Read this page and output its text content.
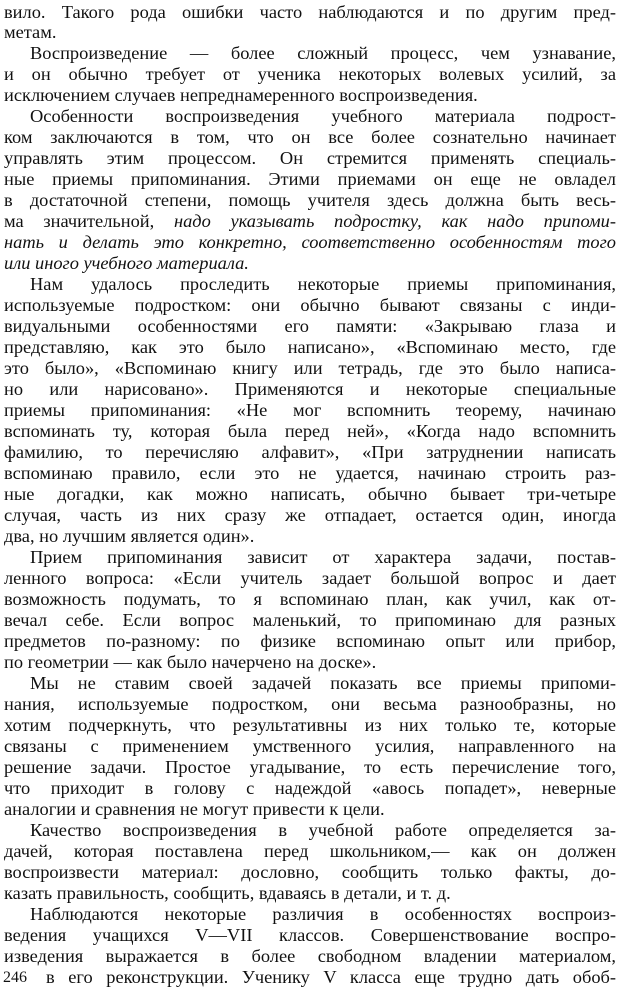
вило. Такого рода ошибки часто наблюдаются и по другим пред-
метам.
Воспроизведение — более сложный процесс, чем узнавание,
и он обычно требует от ученика некоторых волевых усилий, за
исключением случаев непреднамеренного воспроизведения.
Особенности воспроизведения учебного материала подрост-
ком заключаются в том, что он все более сознательно начинает
управлять этим процессом. Он стремится применять специаль-
ные приемы припоминания. Этими приемами он еще не овладел
в достаточной степени, помощь учителя здесь должна быть весь-
ма значительной, надо указывать подростку, как надо припоми-
нать и делать это конкретно, соответственно особенностям того
или иного учебного материала.
Нам удалось проследить некоторые приемы припоминания,
используемые подростком: они обычно бывают связаны с инди-
видуальными особенностями его памяти: «Закрываю глаза и
представляю, как это было написано», «Вспоминаю место, где
это было», «Вспоминаю книгу или тетрадь, где это было написа-
но или нарисовано». Применяются и некоторые специальные
приемы припоминания: «Не мог вспомнить теорему, начинаю
вспоминать ту, которая была перед ней», «Когда надо вспомнить
фамилию, то перечисляю алфавит», «При затруднении написать
вспоминаю правило, если это не удается, начинаю строить раз-
ные догадки, как можно написать, обычно бывает три-четыре
случая, часть из них сразу же отпадает, остается один, иногда
два, но лучшим является один».
Прием припоминания зависит от характера задачи, постав-
ленного вопроса: «Если учитель задает большой вопрос и дает
возможность подумать, то я вспоминаю план, как учил, как от-
вечал себе. Если вопрос маленький, то припоминаю для разных
предметов по-разному: по физике вспоминаю опыт или прибор,
по геометрии — как было начерчено на доске».
Мы не ставим своей задачей показать все приемы припоми-
нания, используемые подростком, они весьма разнообразны, но
хотим подчеркнуть, что результативны из них только те, которые
связаны с применением умственного усилия, направленного на
решение задачи. Простое угадывание, то есть перечисление того,
что приходит в голову с надеждой «авось попадет», неверные
аналогии и сравнения не могут привести к цели.
Качество воспроизведения в учебной работе определяется за-
дачей, которая поставлена перед школьником,— как он должен
воспроизвести материал: дословно, сообщить только факты, до-
казать правильность, сообщить, вдаваясь в детали, и т. д.
Наблюдаются некоторые различия в особенностях воспроиз-
ведения учащихся V—VII классов. Совершенствование воспро-
изведения выражается в более свободном владении материалом,
в его реконструкции. Ученику V класса еще трудно дать обоб-
246
